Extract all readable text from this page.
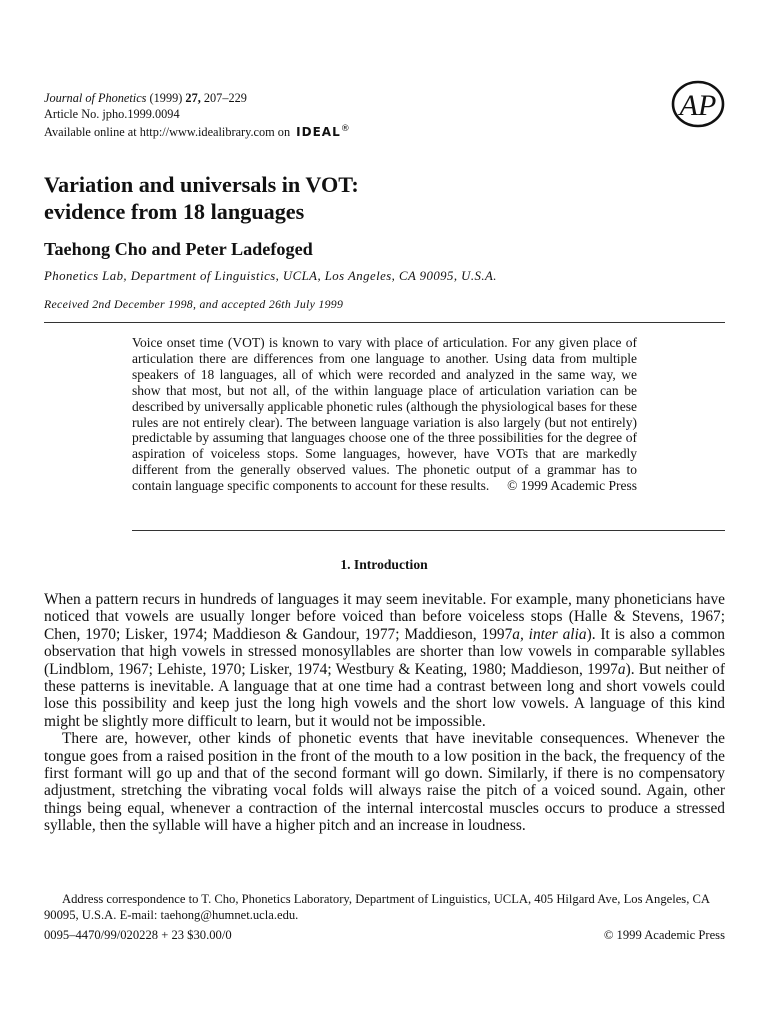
Journal of Phonetics (1999) 27, 207–229
Article No. jpho.1999.0094
Available online at http://www.idealibrary.com on IDEAL®
AP
Variation and universals in VOT:
evidence from 18 languages
Taehong Cho and Peter Ladefoged
Phonetics Lab, Department of Linguistics, UCLA, Los Angeles, CA 90095, U.S.A.
Received 2nd December 1998, and accepted 26th July 1999
Voice onset time (VOT) is known to vary with place of articulation. For any given place of articulation there are differences from one language to another. Using data from multiple speakers of 18 languages, all of which were recorded and analyzed in the same way, we show that most, but not all, of the within language place of articulation variation can be described by universally applicable phonetic rules (although the physiological bases for these rules are not entirely clear). The between language variation is also largely (but not entirely) predictable by assuming that languages choose one of the three possibilities for the degree of aspiration of voiceless stops. Some languages, however, have VOTs that are markedly different from the generally observed values. The phonetic output of a grammar has to contain language specific components to account for these results. © 1999 Academic Press
1. Introduction

When a pattern recurs in hundreds of languages it may seem inevitable. For example, many phoneticians have noticed that vowels are usually longer before voiced than before voiceless stops (Halle & Stevens, 1967; Chen, 1970; Lisker, 1974; Maddieson & Gandour, 1977; Maddieson, 1997a, inter alia). It is also a common observation that high vowels in stressed monosyllables are shorter than low vowels in comparable syllables (Lindblom, 1967; Lehiste, 1970; Lisker, 1974; Westbury & Keating, 1980; Maddieson, 1997a). But neither of these patterns is inevitable. A language that at one time had a contrast between long and short vowels could lose this possibility and keep just the long high vowels and the short low vowels. A language of this kind might be slightly more difficult to learn, but it would not be impossible.

There are, however, other kinds of phonetic events that have inevitable consequences. Whenever the tongue goes from a raised position in the front of the mouth to a low position in the back, the frequency of the first formant will go up and that of the second formant will go down. Similarly, if there is no compensatory adjustment, stretching the vibrating vocal folds will always raise the pitch of a voiced sound. Again, other things being equal, whenever a contraction of the internal intercostal muscles occurs to produce a stressed syllable, then the syllable will have a higher pitch and an increase in loudness.

Address correspondence to T. Cho, Phonetics Laboratory, Department of Linguistics, UCLA, 405 Hilgard Ave, Los Angeles, CA 90095, U.S.A. E-mail: taehong@humnet.ucla.edu.

0095–4470/99/020228 + 23 $30.00/0	© 1999 Academic Press
